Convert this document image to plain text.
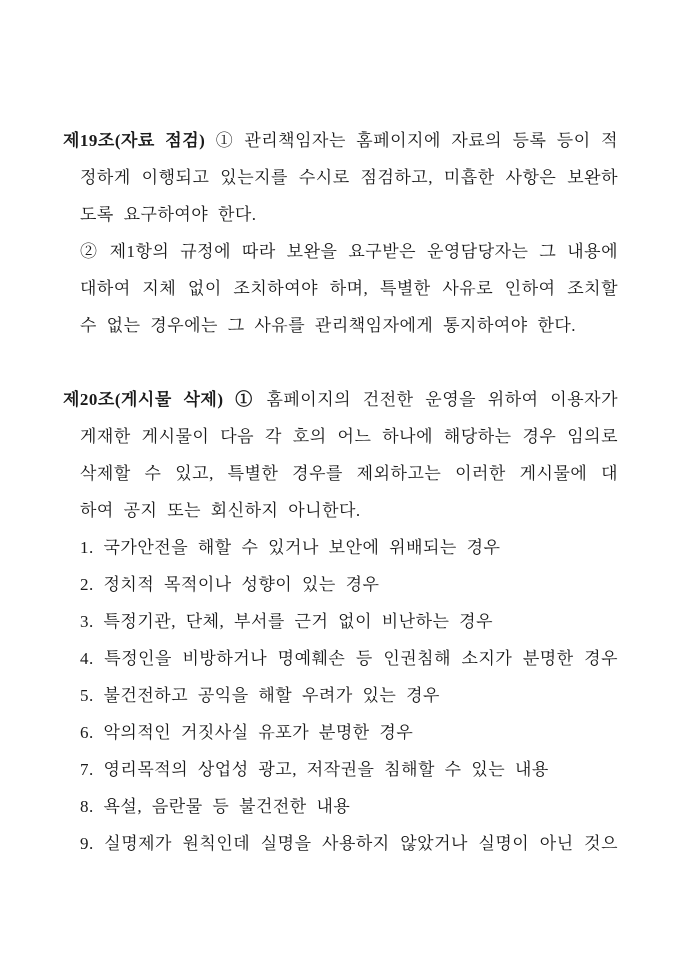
제19조(자료 점검) ① 관리책임자는 홈페이지에 자료의 등록 등이 적
정하게 이행되고 있는지를 수시로 점검하고, 미흡한 사항은 보완하
도록 요구하여야 한다.
② 제1항의 규정에 따라 보완을 요구받은 운영담당자는 그 내용에
대하여 지체 없이 조치하여야 하며, 특별한 사유로 인하여 조치할
수 없는 경우에는 그 사유를 관리책임자에게 통지하여야 한다.
제20조(게시물 삭제) ① 홈페이지의 건전한 운영을 위하여 이용자가
게재한 게시물이 다음 각 호의 어느 하나에 해당하는 경우 임의로
삭제할 수 있고, 특별한 경우를 제외하고는 이러한 게시물에 대
하여 공지 또는 회신하지 아니한다.
1. 국가안전을 해할 수 있거나 보안에 위배되는 경우
2. 정치적 목적이나 성향이 있는 경우
3. 특정기관, 단체, 부서를 근거 없이 비난하는 경우
4. 특정인을 비방하거나 명예훼손 등 인권침해 소지가 분명한 경우
5. 불건전하고 공익을 해할 우려가 있는 경우
6. 악의적인 거짓사실 유포가 분명한 경우
7. 영리목적의 상업성 광고, 저작권을 침해할 수 있는 내용
8. 욕설, 음란물 등 불건전한 내용
9. 실명제가 원칙인데 실명을 사용하지 않았거나 실명이 아닌 것으
